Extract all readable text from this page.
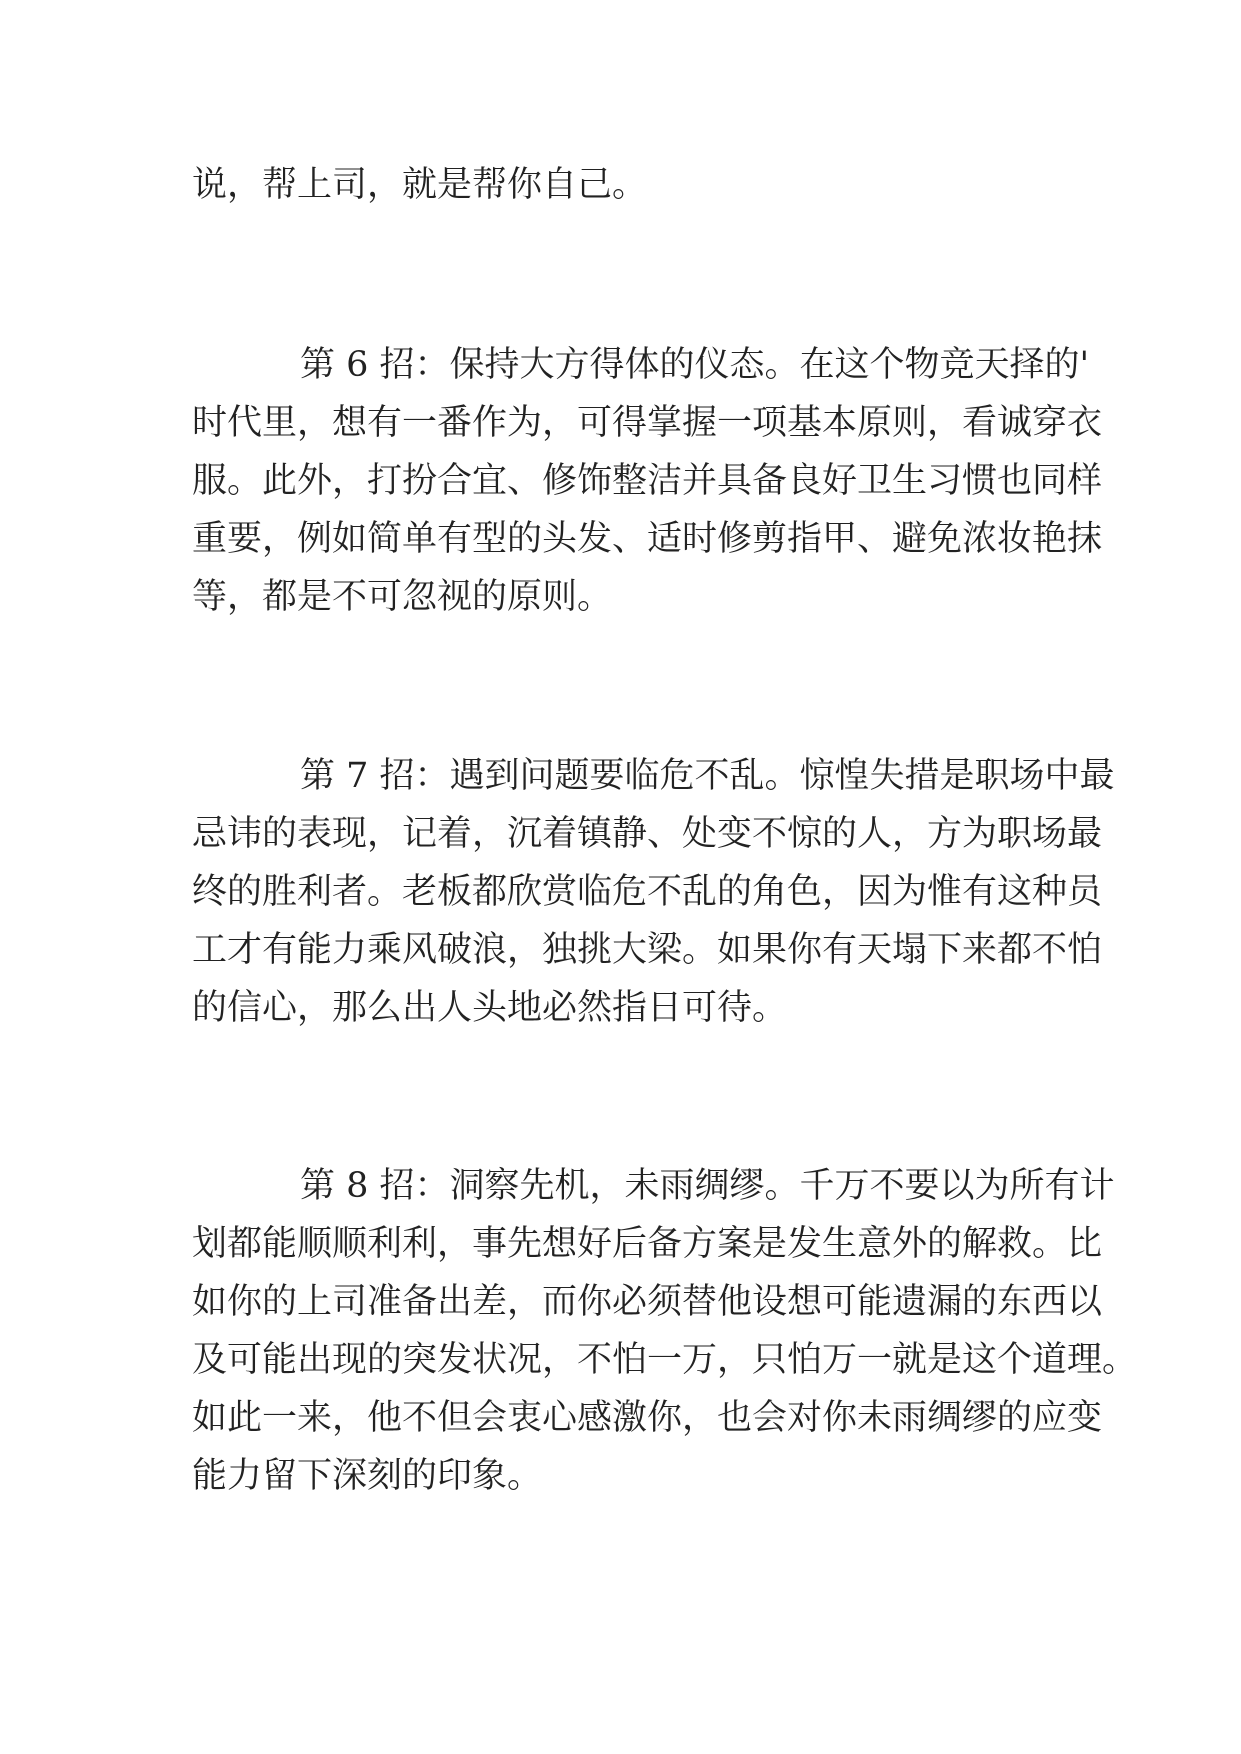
说，帮上司，就是帮你自己。
第 6 招：保持大方得体的仪态。在这个物竞天择的'
时代里，想有一番作为，可得掌握一项基本原则，看诚穿衣
服。此外，打扮合宜、修饰整洁并具备良好卫生习惯也同样
重要，例如简单有型的头发、适时修剪指甲、避免浓妆艳抹
等，都是不可忽视的原则。
第 7 招：遇到问题要临危不乱。惊惶失措是职场中最
忌讳的表现，记着，沉着镇静、处变不惊的人，方为职场最
终的胜利者。老板都欣赏临危不乱的角色，因为惟有这种员
工才有能力乘风破浪，独挑大梁。如果你有天塌下来都不怕
的信心，那么出人头地必然指日可待。
第 8 招：洞察先机，未雨绸缪。千万不要以为所有计
划都能顺顺利利，事先想好后备方案是发生意外的解救。比
如你的上司准备出差，而你必须替他设想可能遗漏的东西以
及可能出现的突发状况，不怕一万，只怕万一就是这个道理。
如此一来，他不但会衷心感激你，也会对你未雨绸缪的应变
能力留下深刻的印象。
